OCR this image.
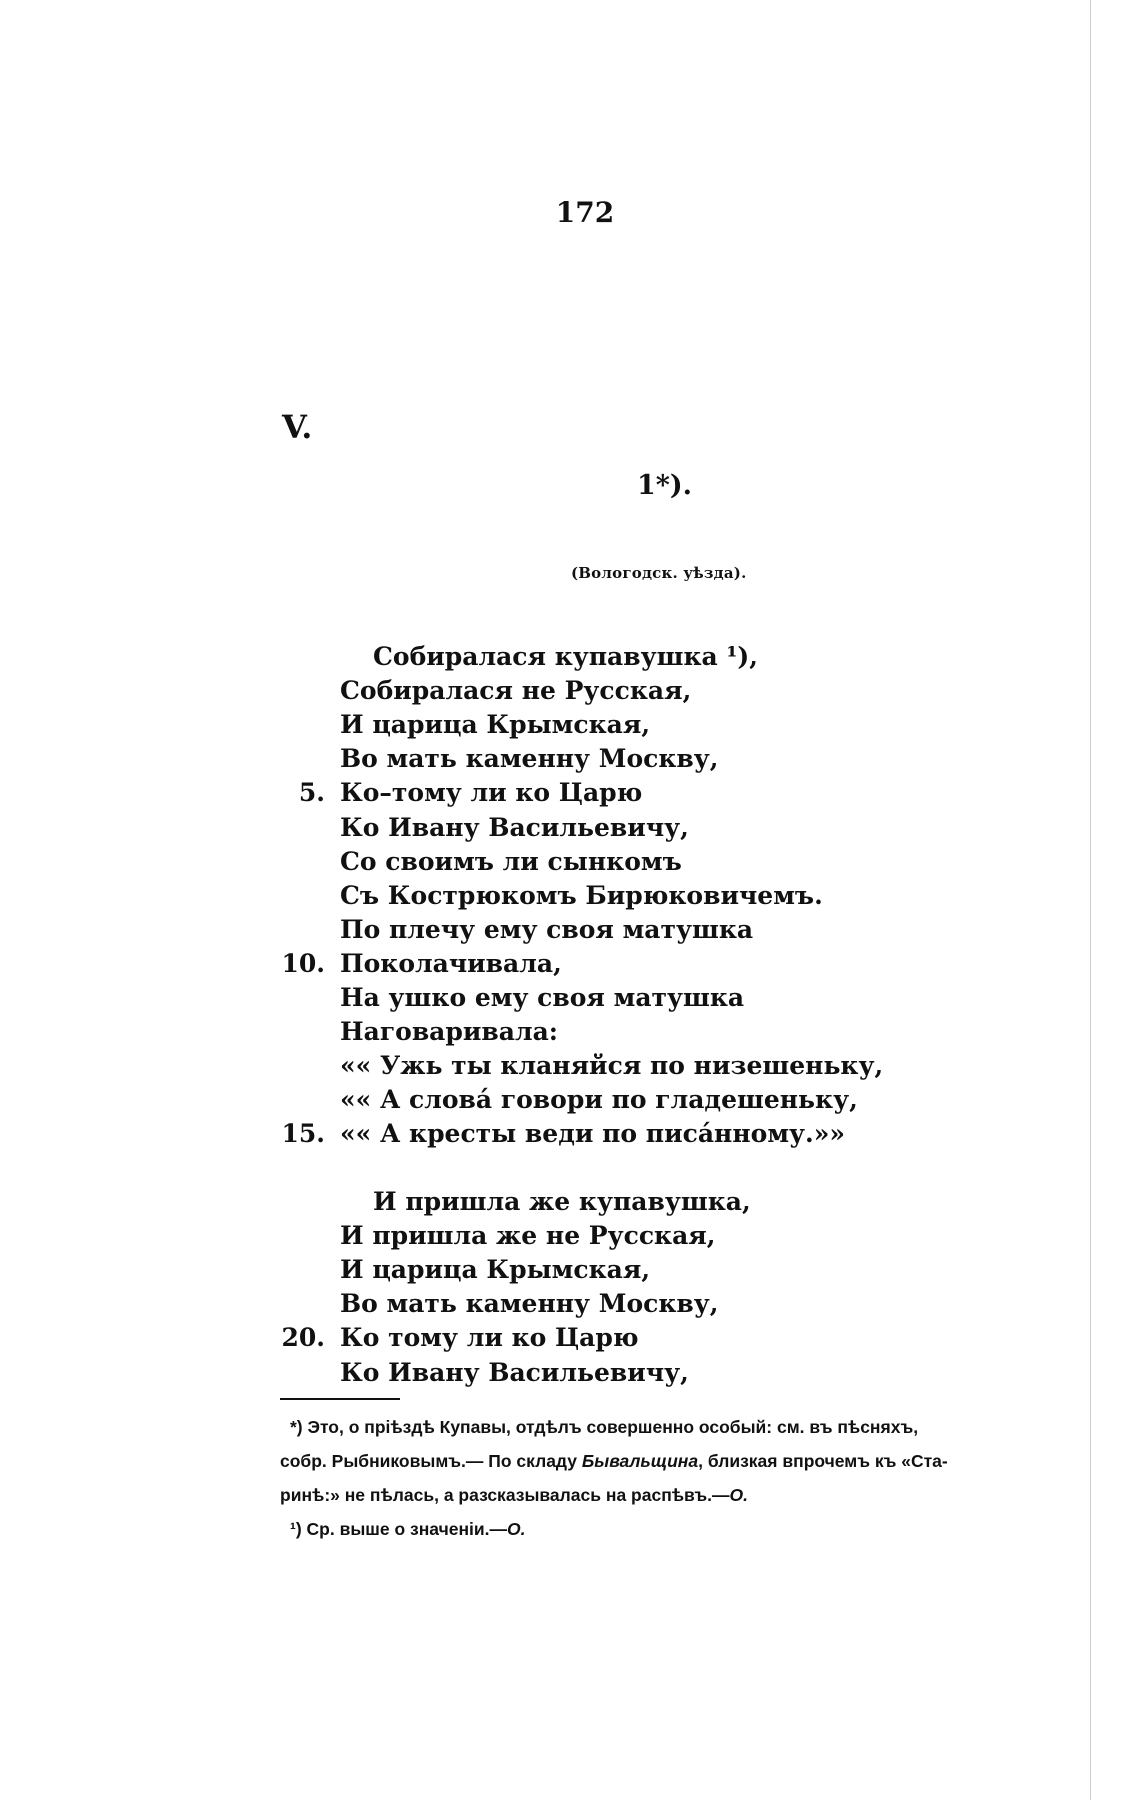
172
V.
1*).
(Вологодск. уѣзда).
Собиралася купавушка ¹),
Собиралася не Русская,
И царица Крымская,
Во мать каменну Москву,
5. Ко–тому ли ко Царю
Ко Ивану Васильевичу,
Со своимъ ли сынкомъ
Съ Кострюкомъ Бирюковичемъ.
По плечу ему своя матушка
10. Поколачивала,
На ушко ему своя матушка
Наговаривала:
«« Ужь ты кланяйся по низешеньку,
«« А слова́ говори по гладешеньку,
15. «« А кресты веди по писа́нному.»»
И пришла же купавушка,
И пришла же не Русская,
И царица Крымская,
Во мать каменну Москву,
20. Ко тому ли ко Царю
Ко Ивану Васильевичу,
*) Это, о прiѣздѣ Купавы, отдѣлъ совершенно особый: см. въ пѣсняхъ,
собр. Рыбниковымъ.— По складу Бывальщина, близкая впрочемъ къ «Ста-
ринѣ:» не пѣлась, а разсказывалась на распѣвъ.—О.
¹) Ср. выше о значенiи.—О.
